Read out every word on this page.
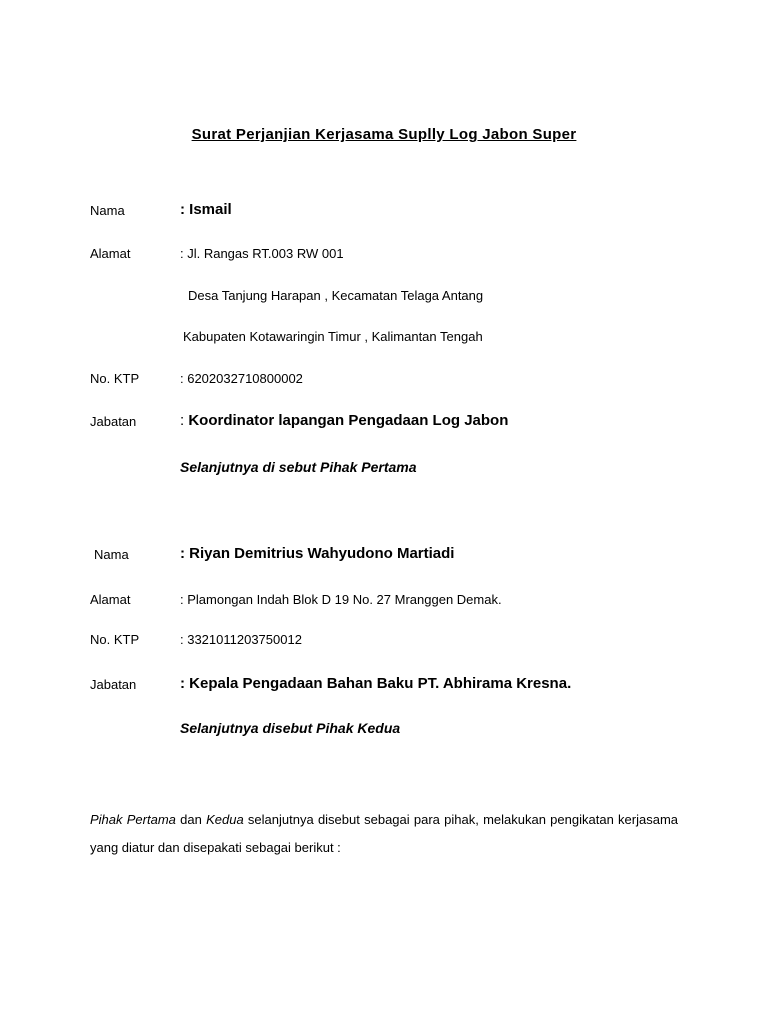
Surat Perjanjian Kerjasama Suplly Log Jabon Super
Nama	: Ismail
Alamat	: Jl. Rangas RT.003 RW 001
Desa Tanjung Harapan , Kecamatan Telaga Antang
Kabupaten Kotawaringin Timur , Kalimantan Tengah
No. KTP	: 6202032710800002
Jabatan	: Koordinator lapangan Pengadaan Log Jabon
Selanjutnya di sebut Pihak Pertama
Nama	: Riyan Demitrius Wahyudono Martiadi
Alamat	: Plamongan Indah Blok D 19 No. 27 Mranggen Demak.
No. KTP	: 3321011203750012
Jabatan	: Kepala Pengadaan Bahan Baku PT. Abhirama Kresna.
Selanjutnya disebut Pihak Kedua
Pihak Pertama dan Kedua selanjutnya disebut sebagai para pihak, melakukan pengikatan kerjasama yang diatur dan disepakati sebagai berikut :
